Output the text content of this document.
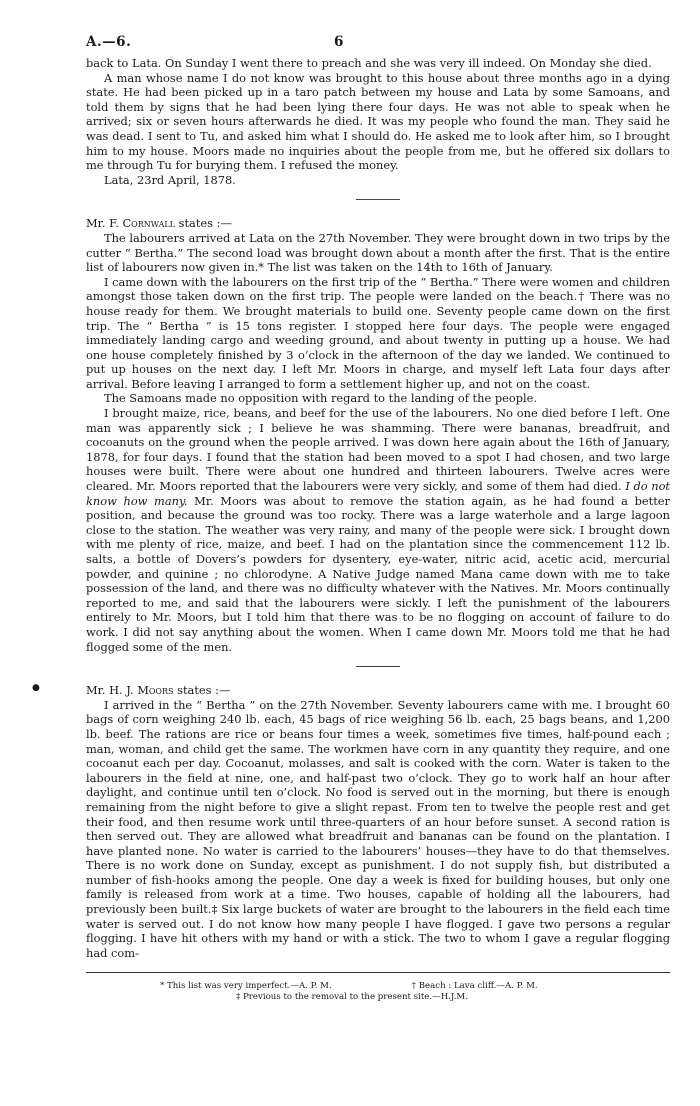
A.—6.	6

back to Lata. On Sunday I went there to preach and she was very ill indeed. On Monday she died.

A man whose name I do not know was brought to this house about three months ago in a dying state. He had been picked up in a taro patch between my house and Lata by some Samoans, and told them by signs that he had been lying there four days. He was not able to speak when he arrived; six or seven hours afterwards he died. It was my people who found the man. They said he was dead. I sent to Tu, and asked him what I should do. He asked me to look after him, so I brought him to my house. Moors made no inquiries about the people from me, but he offered six dollars to me through Tu for burying them. I refused the money.

Lata, 23rd April, 1878.

Mr. F. Cornwall states :—

The labourers arrived at Lata on the 27th November. They were brought down in two trips by the cutter “ Bertha.” The second load was brought down about a month after the first. That is the entire list of labourers now given in.* The list was taken on the 14th to 16th of January.

I came down with the labourers on the first trip of the “ Bertha.” There were women and children amongst those taken down on the first trip. The people were landed on the beach.† There was no house ready for them. We brought materials to build one. Seventy people came down on the first trip. The “ Bertha ” is 15 tons register. I stopped here four days. The people were engaged immediately landing cargo and weeding ground, and about twenty in putting up a house. We had one house completely finished by 3 o’clock in the afternoon of the day we landed. We continued to put up houses on the next day. I left Mr. Moors in charge, and myself left Lata four days after arrival. Before leaving I arranged to form a settlement higher up, and not on the coast.

The Samoans made no opposition with regard to the landing of the people.

I brought maize, rice, beans, and beef for the use of the labourers. No one died before I left. One man was apparently sick ; I believe he was shamming. There were bananas, breadfruit, and cocoanuts on the ground when the people arrived. I was down here again about the 16th of January, 1878, for four days. I found that the station had been moved to a spot I had chosen, and two large houses were built. There were about one hundred and thirteen labourers. Twelve acres were cleared. Mr. Moors reported that the labourers were very sickly, and some of them had died. I do not know how many. Mr. Moors was about to remove the station again, as he had found a better position, and because the ground was too rocky. There was a large waterhole and a large lagoon close to the station. The weather was very rainy, and many of the people were sick. I brought down with me plenty of rice, maize, and beef. I had on the plantation since the commencement 112 lb. salts, a bottle of Dovers’s powders for dysentery, eye-water, nitric acid, acetic acid, mercurial powder, and quinine ; no chlorodyne. A Native Judge named Mana came down with me to take possession of the land, and there was no difficulty whatever with the Natives. Mr. Moors continually reported to me, and said that the labourers were sickly. I left the punishment of the labourers entirely to Mr. Moors, but I told him that there was to be no flogging on account of failure to do work. I did not say anything about the women. When I came down Mr. Moors told me that he had flogged some of the men.

●	Mr. H. J. Moors states :—

I arrived in the “ Bertha ” on the 27th November. Seventy labourers came with me. I brought 60 bags of corn weighing 240 lb. each, 45 bags of rice weighing 56 lb. each, 25 bags beans, and 1,200 lb. beef. The rations are rice or beans four times a week, sometimes five times, half-pound each ; man, woman, and child get the same. The workmen have corn in any quantity they require, and one cocoanut each per day. Cocoanut, molasses, and salt is cooked with the corn. Water is taken to the labourers in the field at nine, one, and half-past two o’clock. They go to work half an hour after daylight, and continue until ten o’clock. No food is served out in the morning, but there is enough remaining from the night before to give a slight repast. From ten to twelve the people rest and get their food, and then resume work until three-quarters of an hour before sunset. A second ration is then served out. They are allowed what breadfruit and bananas can be found on the plantation. I have planted none. No water is carried to the labourers’ houses—they have to do that themselves. There is no work done on Sunday, except as punishment. I do not supply fish, but distributed a number of fish-hooks among the people. One day a week is fixed for building houses, but only one family is released from work at a time. Two houses, capable of holding all the labourers, had previously been built.‡ Six large buckets of water are brought to the labourers in the field each time water is served out. I do not know how many people I have flogged. I gave two persons a regular flogging. I have hit others with my hand or with a stick. The two to whom I gave a regular flogging had com-

* This list was very imperfect.—A. P. M.	† Beach : Lava cliff.—A. P. M.
‡ Previous to the removal to the present site.—H.J.M.
